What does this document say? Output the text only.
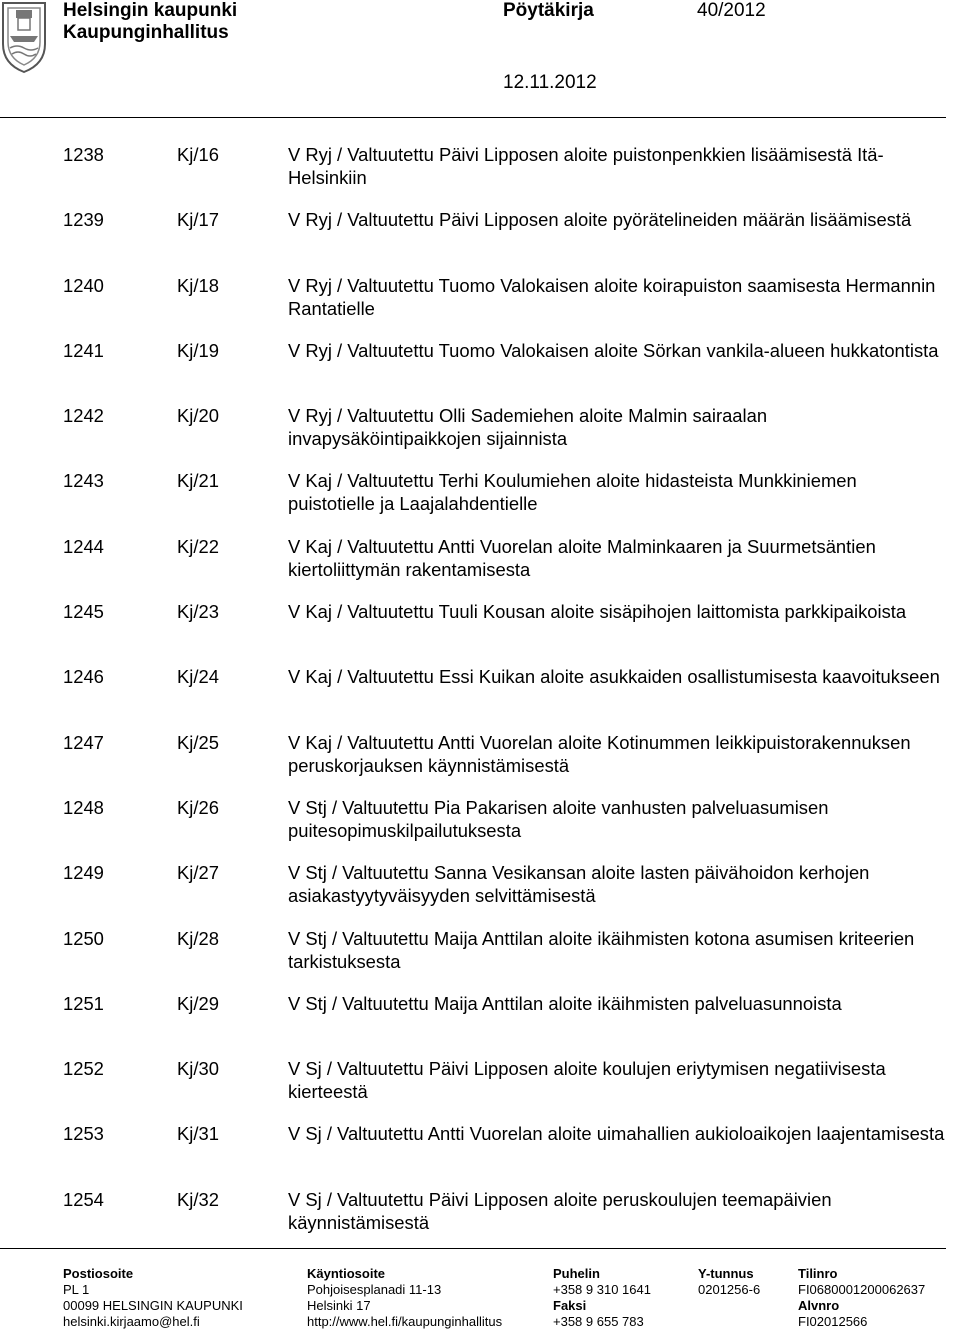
Helsingin kaupunki
Kaupunginhallitus
Pöytäkirja	40/2012
12.11.2012
1238	Kj/16	V Ryj / Valtuutettu Päivi Lipposen aloite puistonpenkkien lisäämisestä Itä-Helsinkiin
1239	Kj/17	V Ryj / Valtuutettu Päivi Lipposen aloite pyörätelineiden määrän lisäämisestä
1240	Kj/18	V Ryj / Valtuutettu Tuomo Valokaisen aloite koirapuiston saamisesta Hermannin Rantatielle
1241	Kj/19	V Ryj / Valtuutettu Tuomo Valokaisen aloite Sörkan vankila-alueen hukkatontista
1242	Kj/20	V Ryj / Valtuutettu Olli Sademiehen aloite Malmin sairaalan invapysäköintipaikkojen sijainnista
1243	Kj/21	V Kaj / Valtuutettu Terhi Koulumiehen aloite hidasteista Munkkiniemen puistotielle ja Laajalahdentielle
1244	Kj/22	V Kaj / Valtuutettu Antti Vuorelan aloite Malminkaaren ja Suurmetsäntien kiertoliittymän rakentamisesta
1245	Kj/23	V Kaj / Valtuutettu Tuuli Kousan aloite sisäpihojen laittomista parkkipaikoista
1246	Kj/24	V Kaj / Valtuutettu Essi Kuikan aloite asukkaiden osallistumisesta kaavoitukseen
1247	Kj/25	V Kaj / Valtuutettu Antti Vuorelan aloite Kotinummen leikkipuistorakennuksen peruskorjauksen käynnistämisestä
1248	Kj/26	V Stj / Valtuutettu Pia Pakarisen aloite vanhusten palveluasumisen puitesopimuskilpailutuksesta
1249	Kj/27	V Stj / Valtuutettu Sanna Vesikansan aloite lasten päivähoidon kerhojen asiakastyytyväisyyden selvittämisestä
1250	Kj/28	V Stj / Valtuutettu Maija Anttilan aloite ikäihmisten kotona asumisen kriteerien tarkistuksesta
1251	Kj/29	V Stj / Valtuutettu Maija Anttilan aloite ikäihmisten palveluasunnoista
1252	Kj/30	V Sj / Valtuutettu Päivi Lipposen aloite koulujen eriytymisen negatiivisesta kierteestä
1253	Kj/31	V Sj / Valtuutettu Antti Vuorelan aloite uimahallien aukioloaikojen laajentamisesta
1254	Kj/32	V Sj / Valtuutettu Päivi Lipposen aloite peruskoulujen teemapäivien käynnistämisestä
Postiosoite
PL 1
00099 HELSINGIN KAUPUNKI
helsinki.kirjaamo@hel.fi
Käyntiosoite
Pohjoisesplanadi 11-13
Helsinki 17
http://www.hel.fi/kaupunginhallitus
Puhelin
+358 9 310 1641
Faksi
+358 9 655 783
Y-tunnus
0201256-6
Tilinro
FI0680001200062637
Alvnro
FI02012566
